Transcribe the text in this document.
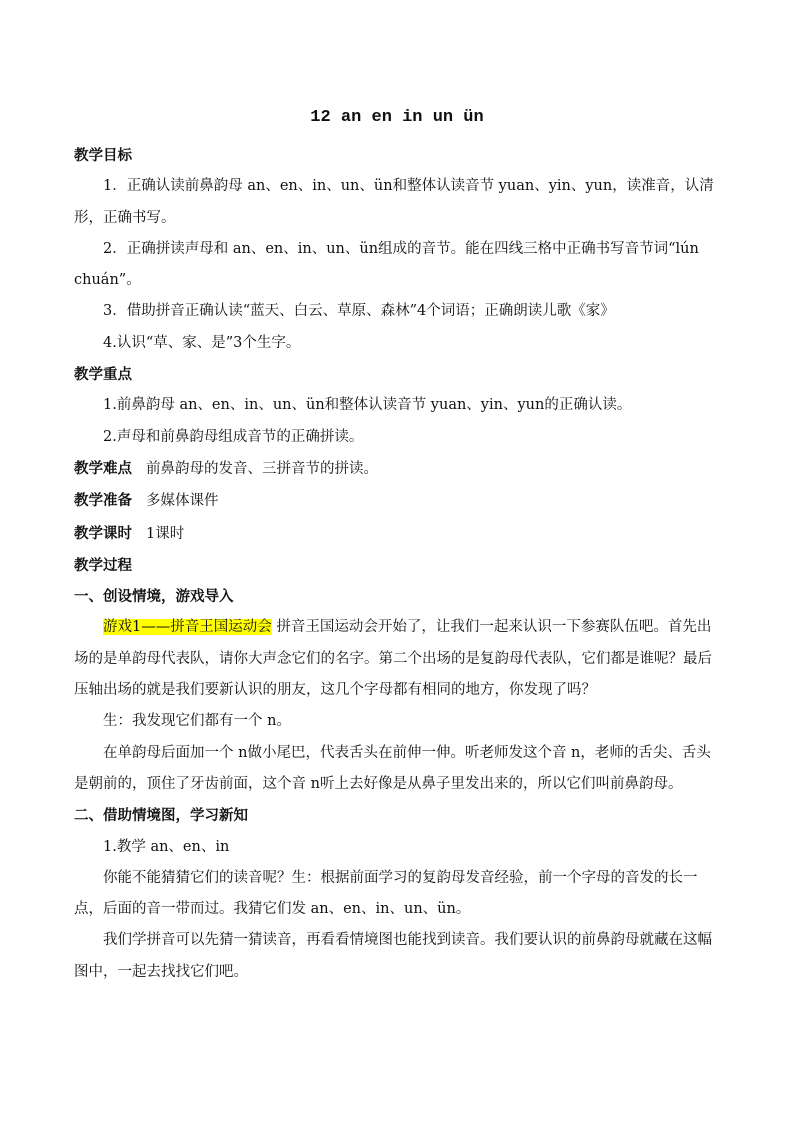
12 an en in un ün

教学目标

1．正确认读前鼻韵母 an、en、in、un、ün和整体认读音节 yuan、yin、yun，读准音，认清形，正确书写。

2．正确拼读声母和 an、en、in、un、ün组成的音节。能在四线三格中正确书写音节词“lún chuán”。

3．借助拼音正确认读“蓝天、白云、草原、森林”4个词语；正确朗读儿歌《家》

4.认识“草、家、是”3个生字。

教学重点

1.前鼻韵母 an、en、in、un、ün和整体认读音节 yuan、yin、yun的正确认读。

2.声母和前鼻韵母组成音节的正确拼读。

教学难点 前鼻韵母的发音、三拼音节的拼读。

教学准备 多媒体课件

教学课时 1课时

教学过程

一、创设情境，游戏导入

游戏1——拼音王国运动会 拼音王国运动会开始了，让我们一起来认识一下参赛队伍吧。首先出场的是单韵母代表队，请你大声念它们的名字。第二个出场的是复韵母代表队，它们都是谁呢？最后压轴出场的就是我们要新认识的朋友，这几个字母都有相同的地方，你发现了吗？

生：我发现它们都有一个 n。

在单韵母后面加一个 n做小尾巴，代表舌头在前伸一伸。听老师发这个音 n，老师的舌尖、舌头是朝前的，顶住了牙齿前面，这个音 n听上去好像是从鼻子里发出来的，所以它们叫前鼻韵母。

二、借助情境图，学习新知

1.教学 an、en、in

你能不能猜猜它们的读音呢？生：根据前面学习的复韵母发音经验，前一个字母的音发的长一点，后面的音一带而过。我猜它们发 an、en、in、un、ün。

我们学拼音可以先猜一猜读音，再看看情境图也能找到读音。我们要认识的前鼻韵母就藏在这幅图中，一起去找找它们吧。
